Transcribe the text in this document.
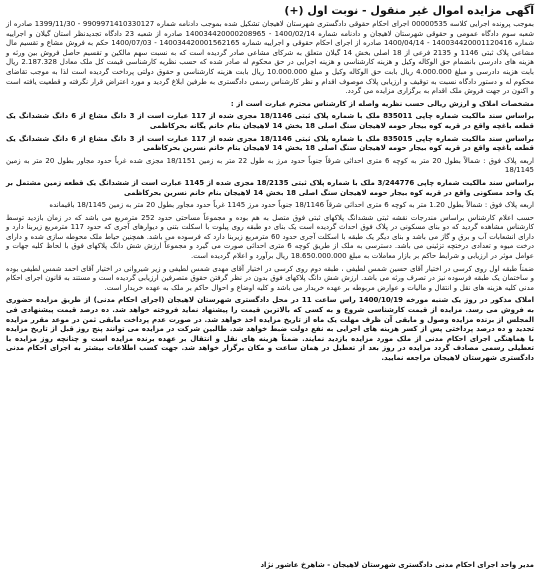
آگهی مزایده اموال غیر منقول - نوبت اول (+)

بموجب پرونده اجرایی کلاسه 00000535 اجرای احکام حقوقی دادگستری شهرستان لاهیجان تشکیل شده بموجب دادنامه شماره 9909971410330127 - 1399/11/30 صادره از شعبه سوم دادگاه عمومی و حقوقی شهرستان لاهیجان و دادنامه شماره 1400/02/14 - 140034420000208965 صادره از شعبه 23 دادگاه تجدیدنظر استان گیلان و اجراییه شماره 140034420001120416 - 1400/04/14 صادره از اجرای احکام حقوقی و اجراییه شماره 140034420001562165 - 1400/07/03 حکم به فروش مشاع و تقسیم مال مشاعی پلاک ثبتی 1146 و 2135 فرعی از 18 اصلی بخش 14 گیلان متعلق به شرکای مشاعی صادر گردیده است که به نسبت سهم مالکین و تقسیم حاصل فروش بین ورثه و هزینه های دادرسی بانضمام حق الوکاله وکیل و هزینه کارشناسی و هزینه اجرایی در حق محکوم له صادر شده که حسب نظریه کارشناسی قیمت کل ملک معادل 2.187.328 ریال بابت هزینه دادرسی و مبلغ 4.000.000 ریال بابت حق الوکاله وکیل و مبلغ 10.000.000 ریال بابت هزینه کارشناسی و حقوق دولتی پرداخت گردیده است لذا به موجب تقاضای محکوم له و دستور دادگاه نسبت به توقیف و ارزیابی پلاک موصوف اقدام و نظر کارشناس رسمی دادگستری به طرفین ابلاغ گردید و مورد اعتراض قرار نگرفته و قطعیت یافته است و اکنون در جهت فروش ملک اقدام به برگزاری مزایده می گردد.

مشخصات املاک و ارزش ریالی حسب نظریه واصله از کارشناس محترم عبارت است از :

براساس سند مالکیت شماره چاپی 835011 ملک با شماره پلاک ثبتی 18/1146 مجزی شده از 117 عبارت است از 3 دانگ مشاع از 6 دانگ ششدانگ یک قطعه باغچه واقع در قریه کوه بیجار حومه لاهیجان سنگ اصلی 18 بخش 14 لاهیجان بنام خانم یگانه بحرکاظمی

براساس سند مالکیت شماره چاپی 835015 ملک با شماره پلاک ثبتی 18/1146 مجزی شده از 117 عبارت است از 3 دانگ مشاع از 6 دانگ ششدانگ یک قطعه باغچه واقع در قریه کوه بیجار حومه لاهیجان سنگ اصلی 18 بخش 14 لاهیجان بنام خانم نسرین بحرکاظمی

اربعه پلاک فوق : شمالاً بطول 20 متر به کوچه 6 متری احداثی شرقاً جنوباً حدود مرز به طول 22 متر به زمین 18/1151 مجزی شده غرباً حدود مجاور بطول 20 متر به زمین 18/1145

براساس سند مالکیت شماره چاپی 3/244776 ملک با شماره پلاک ثبتی 18/2135 مجزی شده از 1145 عبارت است از ششدانگ یک قطعه زمین مشتمل بر یک واحد مسکونی واقع در قریه کوه بیجار حومه لاهیجان سنگ اصلی 18 بخش 14 لاهیجان بنام خانم نسرین بحرکاظمی

اربعه پلاک فوق : شمالاً بطول 1.20 متر به کوچه 6 متری احداثی شرقاً 18/1146 جنوباً حدود مرز 1145 غرباً حدود مجاور بطول 20 متر به زمین 18/1145 باقیمانده

حسب اعلام کارشناس براساس مندرجات نقشه ثبتی ششدانگ پلاکهای ثبتی فوق متصل به هم بوده و مجموعاً مساحتی حدود 252 مترمربع می باشد که در زمان بازدید توسط کارشناس مشاهده گردید که دو بنای مسکونی در پلاک فوق احداث گردیده است یک بنای دو طبقه روی پیلوت با اسکلت بتنی و دیوارهای آجری که حدود 117 مترمربع زیربنا دارد و دارای انشعابات آب و برق و گاز می باشد و بنای دیگر یک طبقه با اسکلت آجری حدود 60 مترمربع زیربنا دارد که فرسوده می باشد. همچنین حیاط ملک محوطه سازی شده و دارای درخت میوه و تعدادی درختچه تزئینی می باشد. دسترسی به ملک از طریق کوچه 6 متری احداثی صورت می گیرد و مجموعاً ارزش شش دانگ پلاکهای فوق با لحاظ کلیه جهات و عوامل موثر در ارزیابی و شرایط حاکم بر بازار معاملات به مبلغ 18.650.000.000 ریال برآورد و اعلام گردیده است.

ضمناً طبقه اول روی کرسی در اختیار آقای حسین شمس لطیفی ، طبقه دوم روی کرسی در اختیار آقای مهدی شمس لطیفی و زیر شیروانی در اختیار آقای احمد شمس لطیفی بوده و ساختمان یک طبقه فرسوده نیز در تصرف ورثه می باشد. ارزش شش دانگ پلاکهای فوق بدون در نظر گرفتن حقوق متصرفین ارزیابی گردیده است و مستند به قانون اجرای احکام مدنی کلیه هزینه های نقل و انتقال و مالیات و عوارض مربوطه بر عهده خریدار می باشد و کلیه اوضاع و احوال حاکم بر ملک به عهده خریدار است.

املاک مذکور در روز یک شنبه مورخه 1400/10/19 راس ساعت 11 در محل دادگستری شهرستان لاهیجان (اجرای احکام مدنی) از طریق مزایده حضوری به فروش می رسد. مزایده از قیمت کارشناسی شروع و به کسی که بالاترین قیمت را پیشنهاد نماید فروخته خواهد شد. ده درصد قیمت پیشنهادی فی المجلس از برنده مزایده وصول و مابقی آن ظرف مهلت یک ماه از تاریخ مزایده اخذ خواهد شد. در صورت عدم پرداخت مابقی ثمن در موعد مقرر مزایده تجدید و ده درصد پرداختی پس از کسر هزینه های اجرایی به نفع دولت ضبط خواهد شد. طالبین شرکت در مزایده می توانند پنج روز قبل از تاریخ مزایده با هماهنگی اجرای احکام مدنی از ملک مورد مزایده بازدید نمایند. ضمناً هزینه های نقل و انتقال بر عهده برنده مزایده است و چنانچه روز مزایده با تعطیلی رسمی مصادف گردد مزایده در روز بعد از تعطیل در همان ساعت و مکان برگزار خواهد شد. جهت کسب اطلاعات بیشتر به اجرای احکام مدنی دادگستری شهرستان لاهیجان مراجعه نمایید.

مدیر واحد اجرای احکام مدنی دادگستری شهرستان لاهیجان - شاهرخ عاشور نژاد
